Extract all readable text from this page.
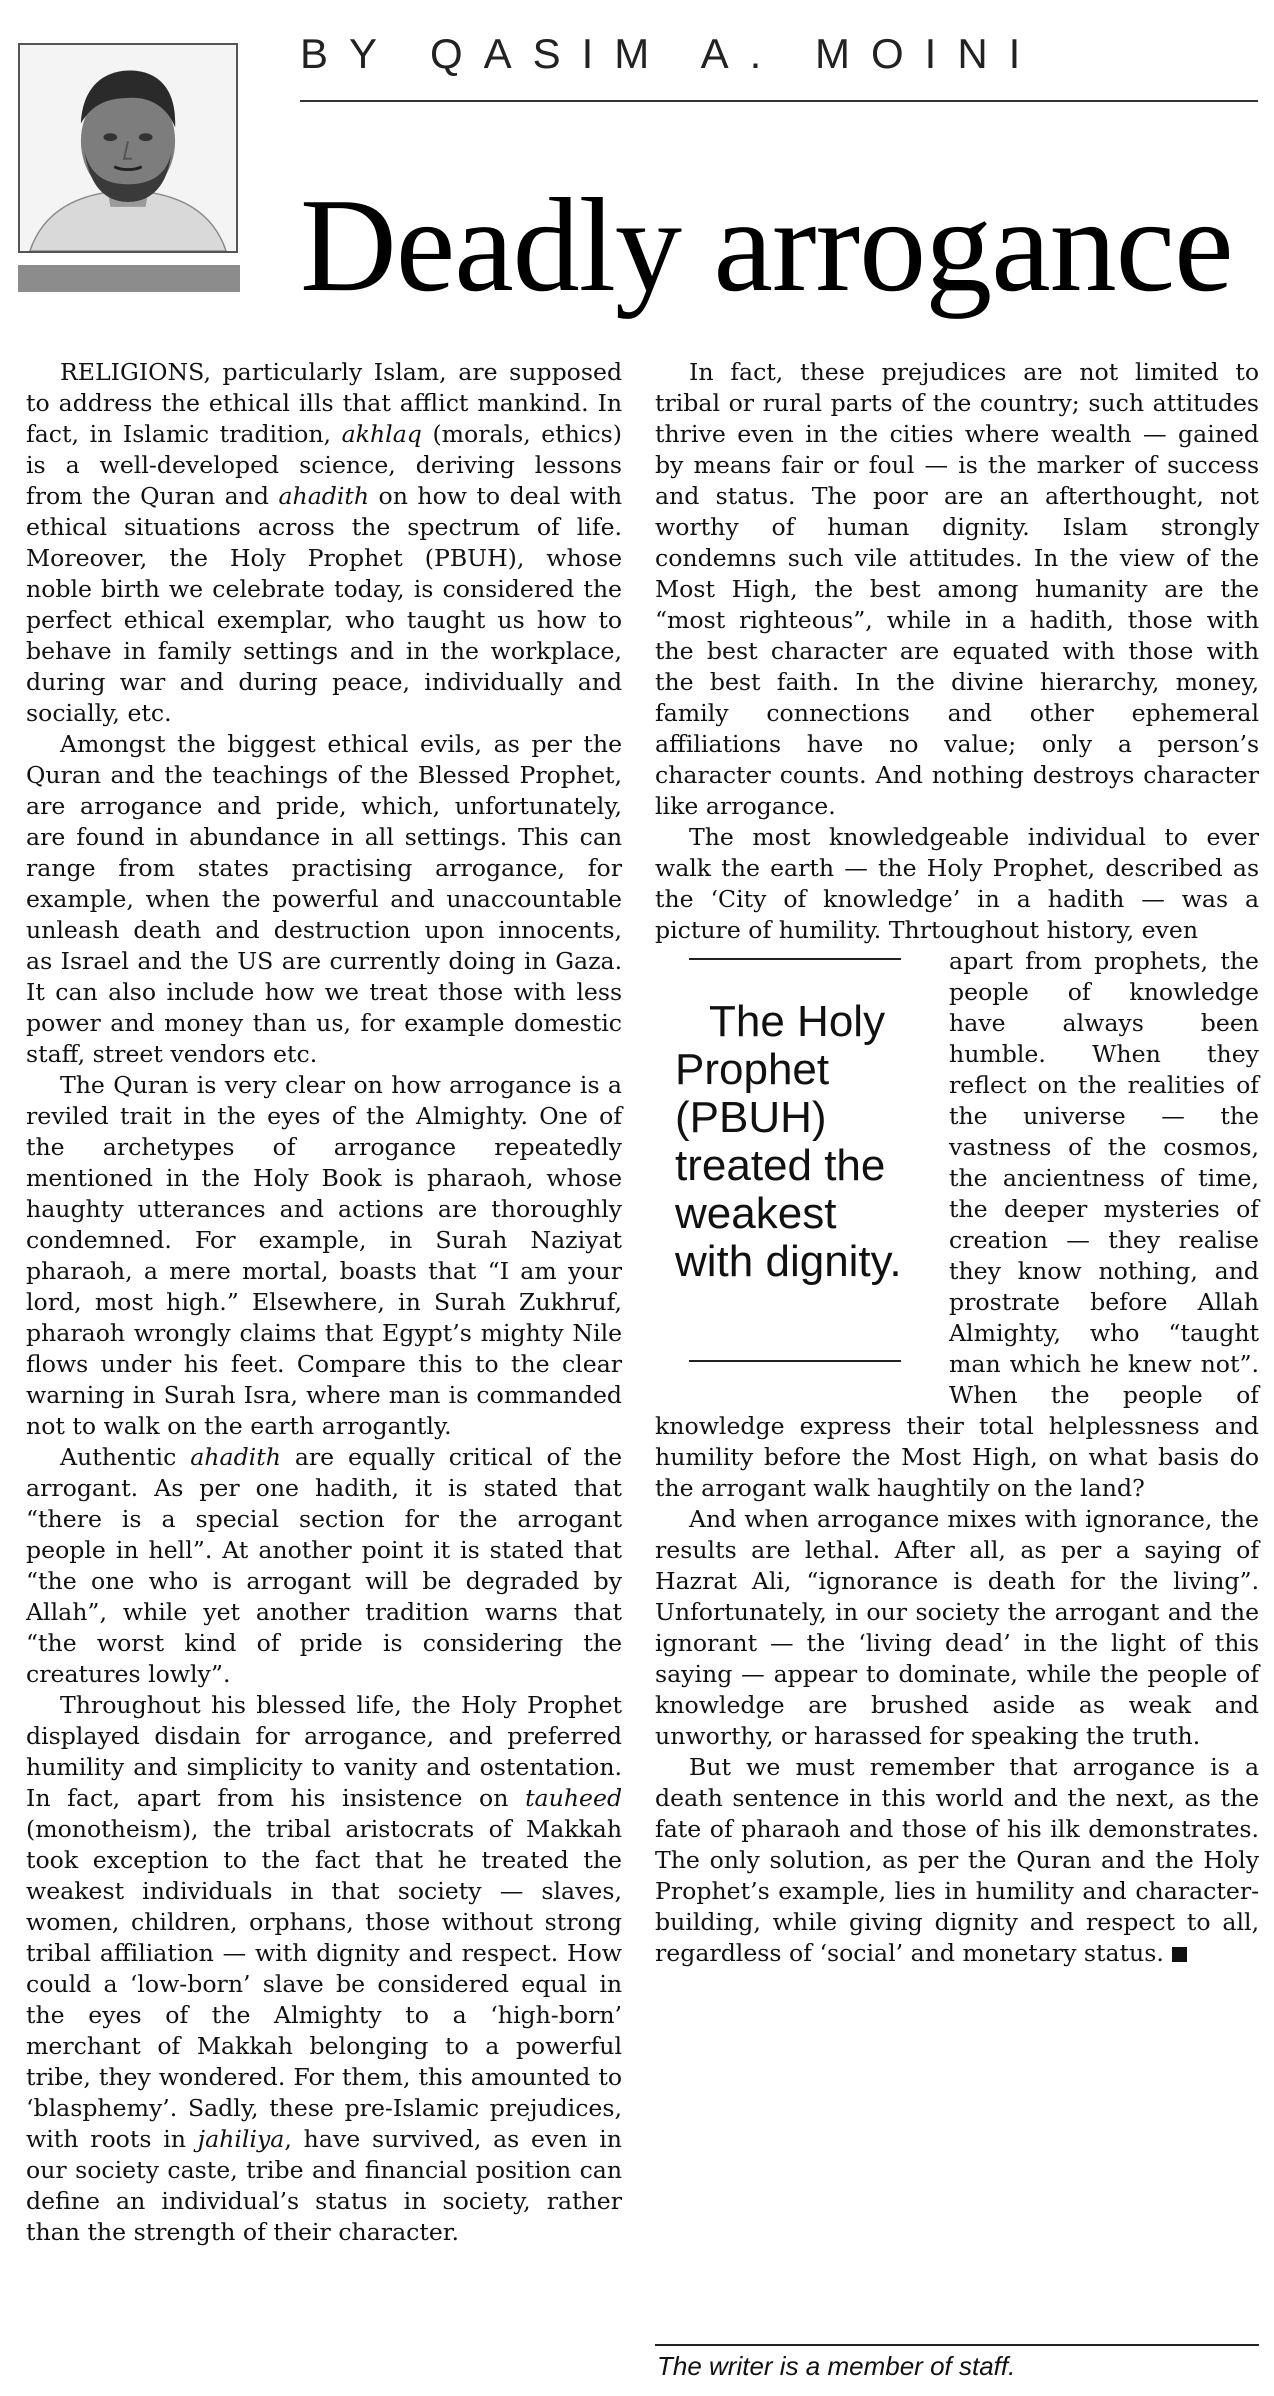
BY QASIM A. MOINI
Deadly arrogance

RELIGIONS, particularly Islam, are supposed to address the ethical ills that afflict mankind. In fact, in Islamic tradition, akhlaq (morals, ethics) is a well-developed science, deriving lessons from the Quran and ahadith on how to deal with ethical situations across the spectrum of life. Moreover, the Holy Prophet (PBUH), whose noble birth we celebrate today, is considered the perfect ethical exemplar, who taught us how to behave in family settings and in the workplace, during war and during peace, individually and socially, etc.

Amongst the biggest ethical evils, as per the Quran and the teachings of the Blessed Prophet, are arrogance and pride, which, unfortunately, are found in abundance in all settings. This can range from states practising arrogance, for example, when the powerful and unaccountable unleash death and destruction upon innocents, as Israel and the US are currently doing in Gaza. It can also include how we treat those with less power and money than us, for example domestic staff, street vendors etc.

The Quran is very clear on how arrogance is a reviled trait in the eyes of the Almighty. One of the archetypes of arrogance repeatedly mentioned in the Holy Book is pharaoh, whose haughty utterances and actions are thoroughly condemned. For example, in Surah Naziyat pharaoh, a mere mortal, boasts that “I am your lord, most high.” Elsewhere, in Surah Zukhruf, pharaoh wrongly claims that Egypt’s mighty Nile flows under his feet. Compare this to the clear warning in Surah Isra, where man is commanded not to walk on the earth arrogantly.

Authentic ahadith are equally critical of the arrogant. As per one hadith, it is stated that “there is a special section for the arrogant people in hell”. At another point it is stated that “the one who is arrogant will be degraded by Allah”, while yet another tradition warns that “the worst kind of pride is considering the creatures lowly”.

Throughout his blessed life, the Holy Prophet displayed disdain for arrogance, and preferred humility and simplicity to vanity and ostentation. In fact, apart from his insistence on tauheed (monotheism), the tribal aristocrats of Makkah took exception to the fact that he treated the weakest individuals in that society — slaves, women, children, orphans, those without strong tribal affiliation — with dignity and respect. How could a ‘low-born’ slave be considered equal in the eyes of the Almighty to a ‘high-born’ merchant of Makkah belonging to a powerful tribe, they wondered. For them, this amounted to ‘blasphemy’. Sadly, these pre-Islamic prejudices, with roots in jahiliya, have survived, as even in our society caste, tribe and financial position can define an individual’s status in society, rather than the strength of their character.

In fact, these prejudices are not limited to tribal or rural parts of the country; such attitudes thrive even in the cities where wealth — gained by means fair or foul — is the marker of success and status. The poor are an afterthought, not worthy of human dignity. Islam strongly condemns such vile attitudes. In the view of the Most High, the best among humanity are the “most righteous”, while in a hadith, those with the best character are equated with those with the best faith. In the divine hierarchy, money, family connections and other ephemeral affiliations have no value; only a person’s character counts. And nothing destroys character like arrogance.

The most knowledgeable individual to ever walk the earth — the Holy Prophet, described as the ‘City of knowledge’ in a hadith — was a picture of humility. Thrtoughout history, even

The Holy Prophet (PBUH) treated the weakest with dignity.

apart from prophets, the people of knowledge have always been humble. When they reflect on the realities of the universe — the vastness of the cosmos, the ancientness of time, the deeper mysteries of creation — they realise they know nothing, and prostrate before Allah Almighty, who “taught man which he knew not”. When the people of knowledge express their total helplessness and humility before the Most High, on what basis do the arrogant walk haughtily on the land?

And when arrogance mixes with ignorance, the results are lethal. After all, as per a saying of Hazrat Ali, “ignorance is death for the living”. Unfortunately, in our society the arrogant and the ignorant — the ‘living dead’ in the light of this saying — appear to dominate, while the people of knowledge are brushed aside as weak and unworthy, or harassed for speaking the truth.

But we must remember that arrogance is a death sentence in this world and the next, as the fate of pharaoh and those of his ilk demonstrates. The only solution, as per the Quran and the Holy Prophet’s example, lies in humility and character-building, while giving dignity and respect to all, regardless of ‘social’ and monetary status.

The writer is a member of staff.
